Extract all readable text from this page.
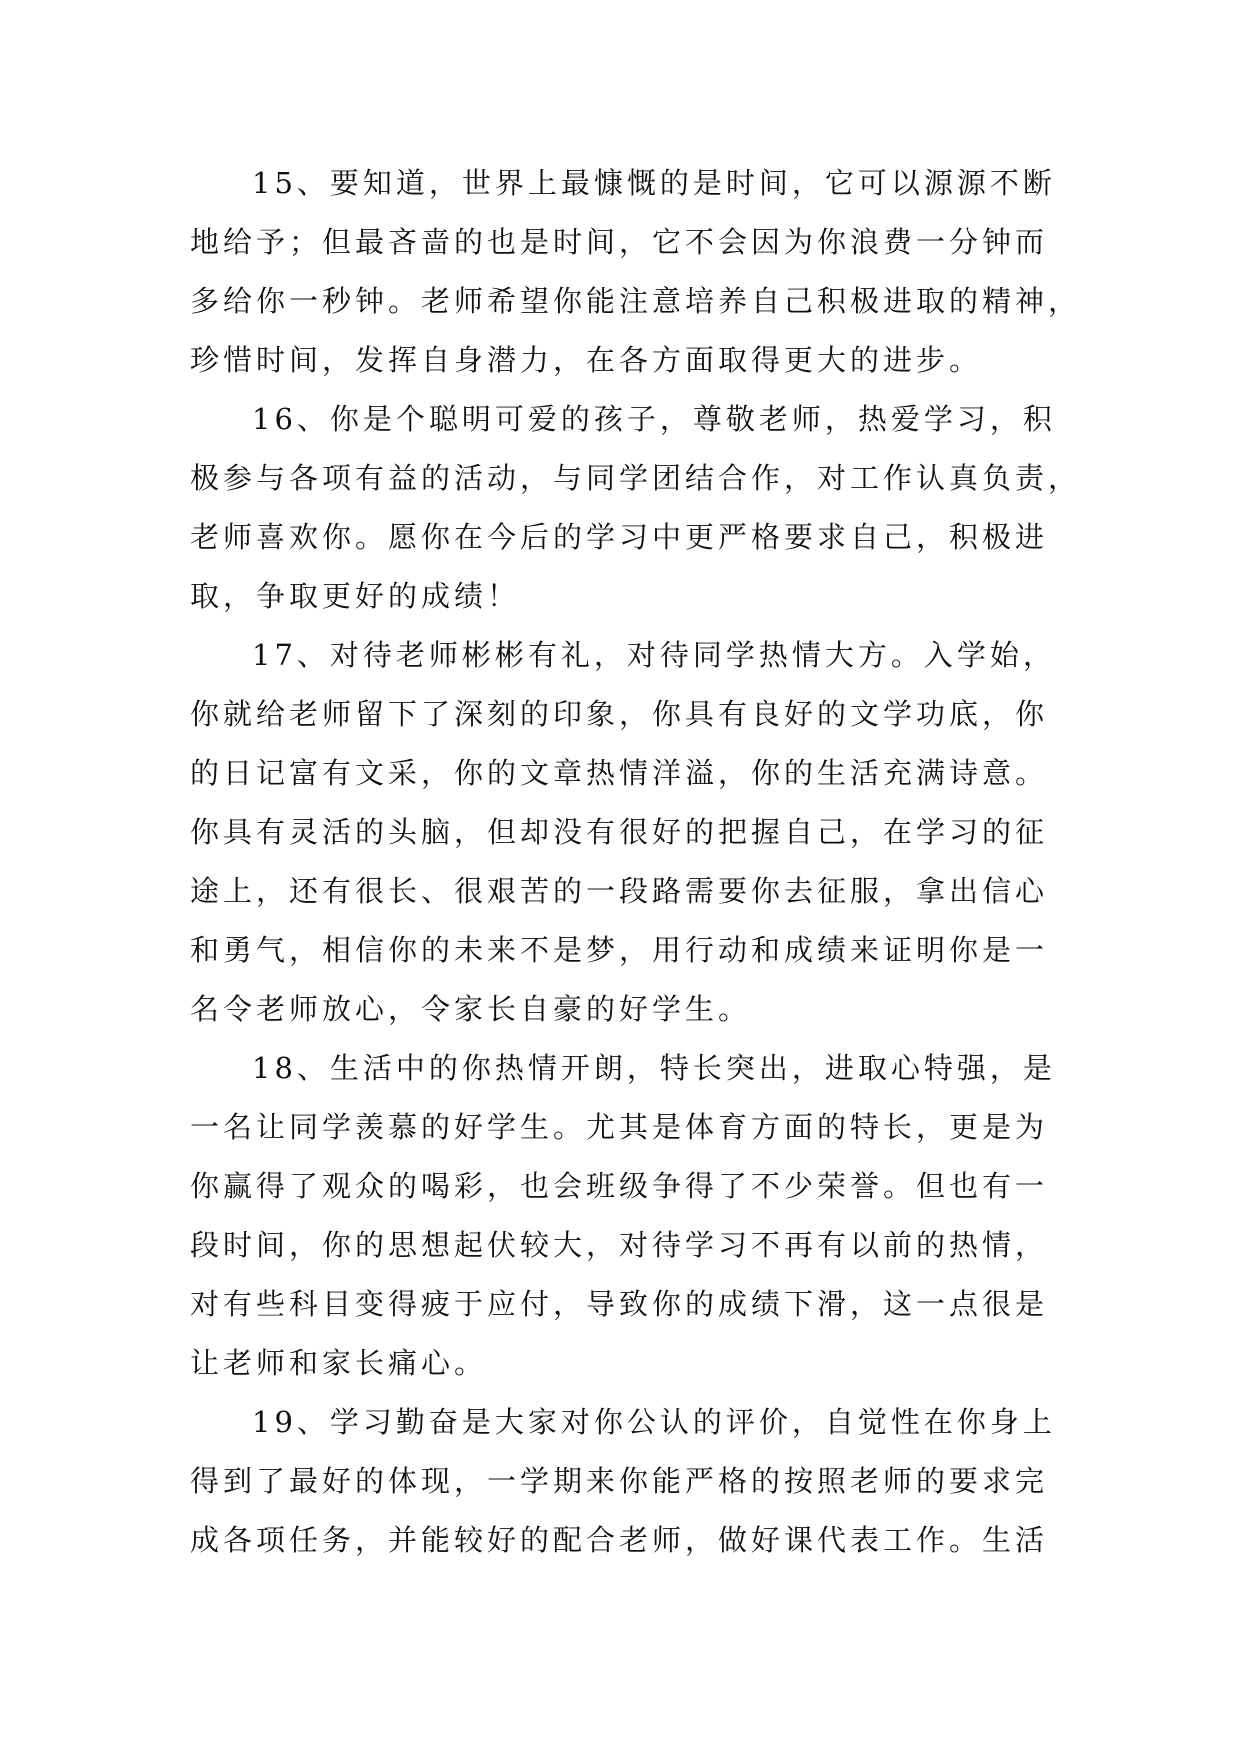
15、要知道，世界上最慷慨的是时间，它可以源源不断
地给予；但最吝啬的也是时间，它不会因为你浪费一分钟而
多给你一秒钟。老师希望你能注意培养自己积极进取的精神，
珍惜时间，发挥自身潜力，在各方面取得更大的进步。
16、你是个聪明可爱的孩子，尊敬老师，热爱学习，积
极参与各项有益的活动，与同学团结合作，对工作认真负责，
老师喜欢你。愿你在今后的学习中更严格要求自己，积极进
取，争取更好的成绩！
17、对待老师彬彬有礼，对待同学热情大方。入学始，
你就给老师留下了深刻的印象，你具有良好的文学功底，你
的日记富有文采，你的文章热情洋溢，你的生活充满诗意。
你具有灵活的头脑，但却没有很好的把握自己，在学习的征
途上，还有很长、很艰苦的一段路需要你去征服，拿出信心
和勇气，相信你的未来不是梦，用行动和成绩来证明你是一
名令老师放心，令家长自豪的好学生。
18、生活中的你热情开朗，特长突出，进取心特强，是
一名让同学羡慕的好学生。尤其是体育方面的特长，更是为
你赢得了观众的喝彩，也会班级争得了不少荣誉。但也有一
段时间，你的思想起伏较大，对待学习不再有以前的热情，
对有些科目变得疲于应付，导致你的成绩下滑，这一点很是
让老师和家长痛心。
19、学习勤奋是大家对你公认的评价，自觉性在你身上
得到了最好的体现，一学期来你能严格的按照老师的要求完
成各项任务，并能较好的配合老师，做好课代表工作。生活
